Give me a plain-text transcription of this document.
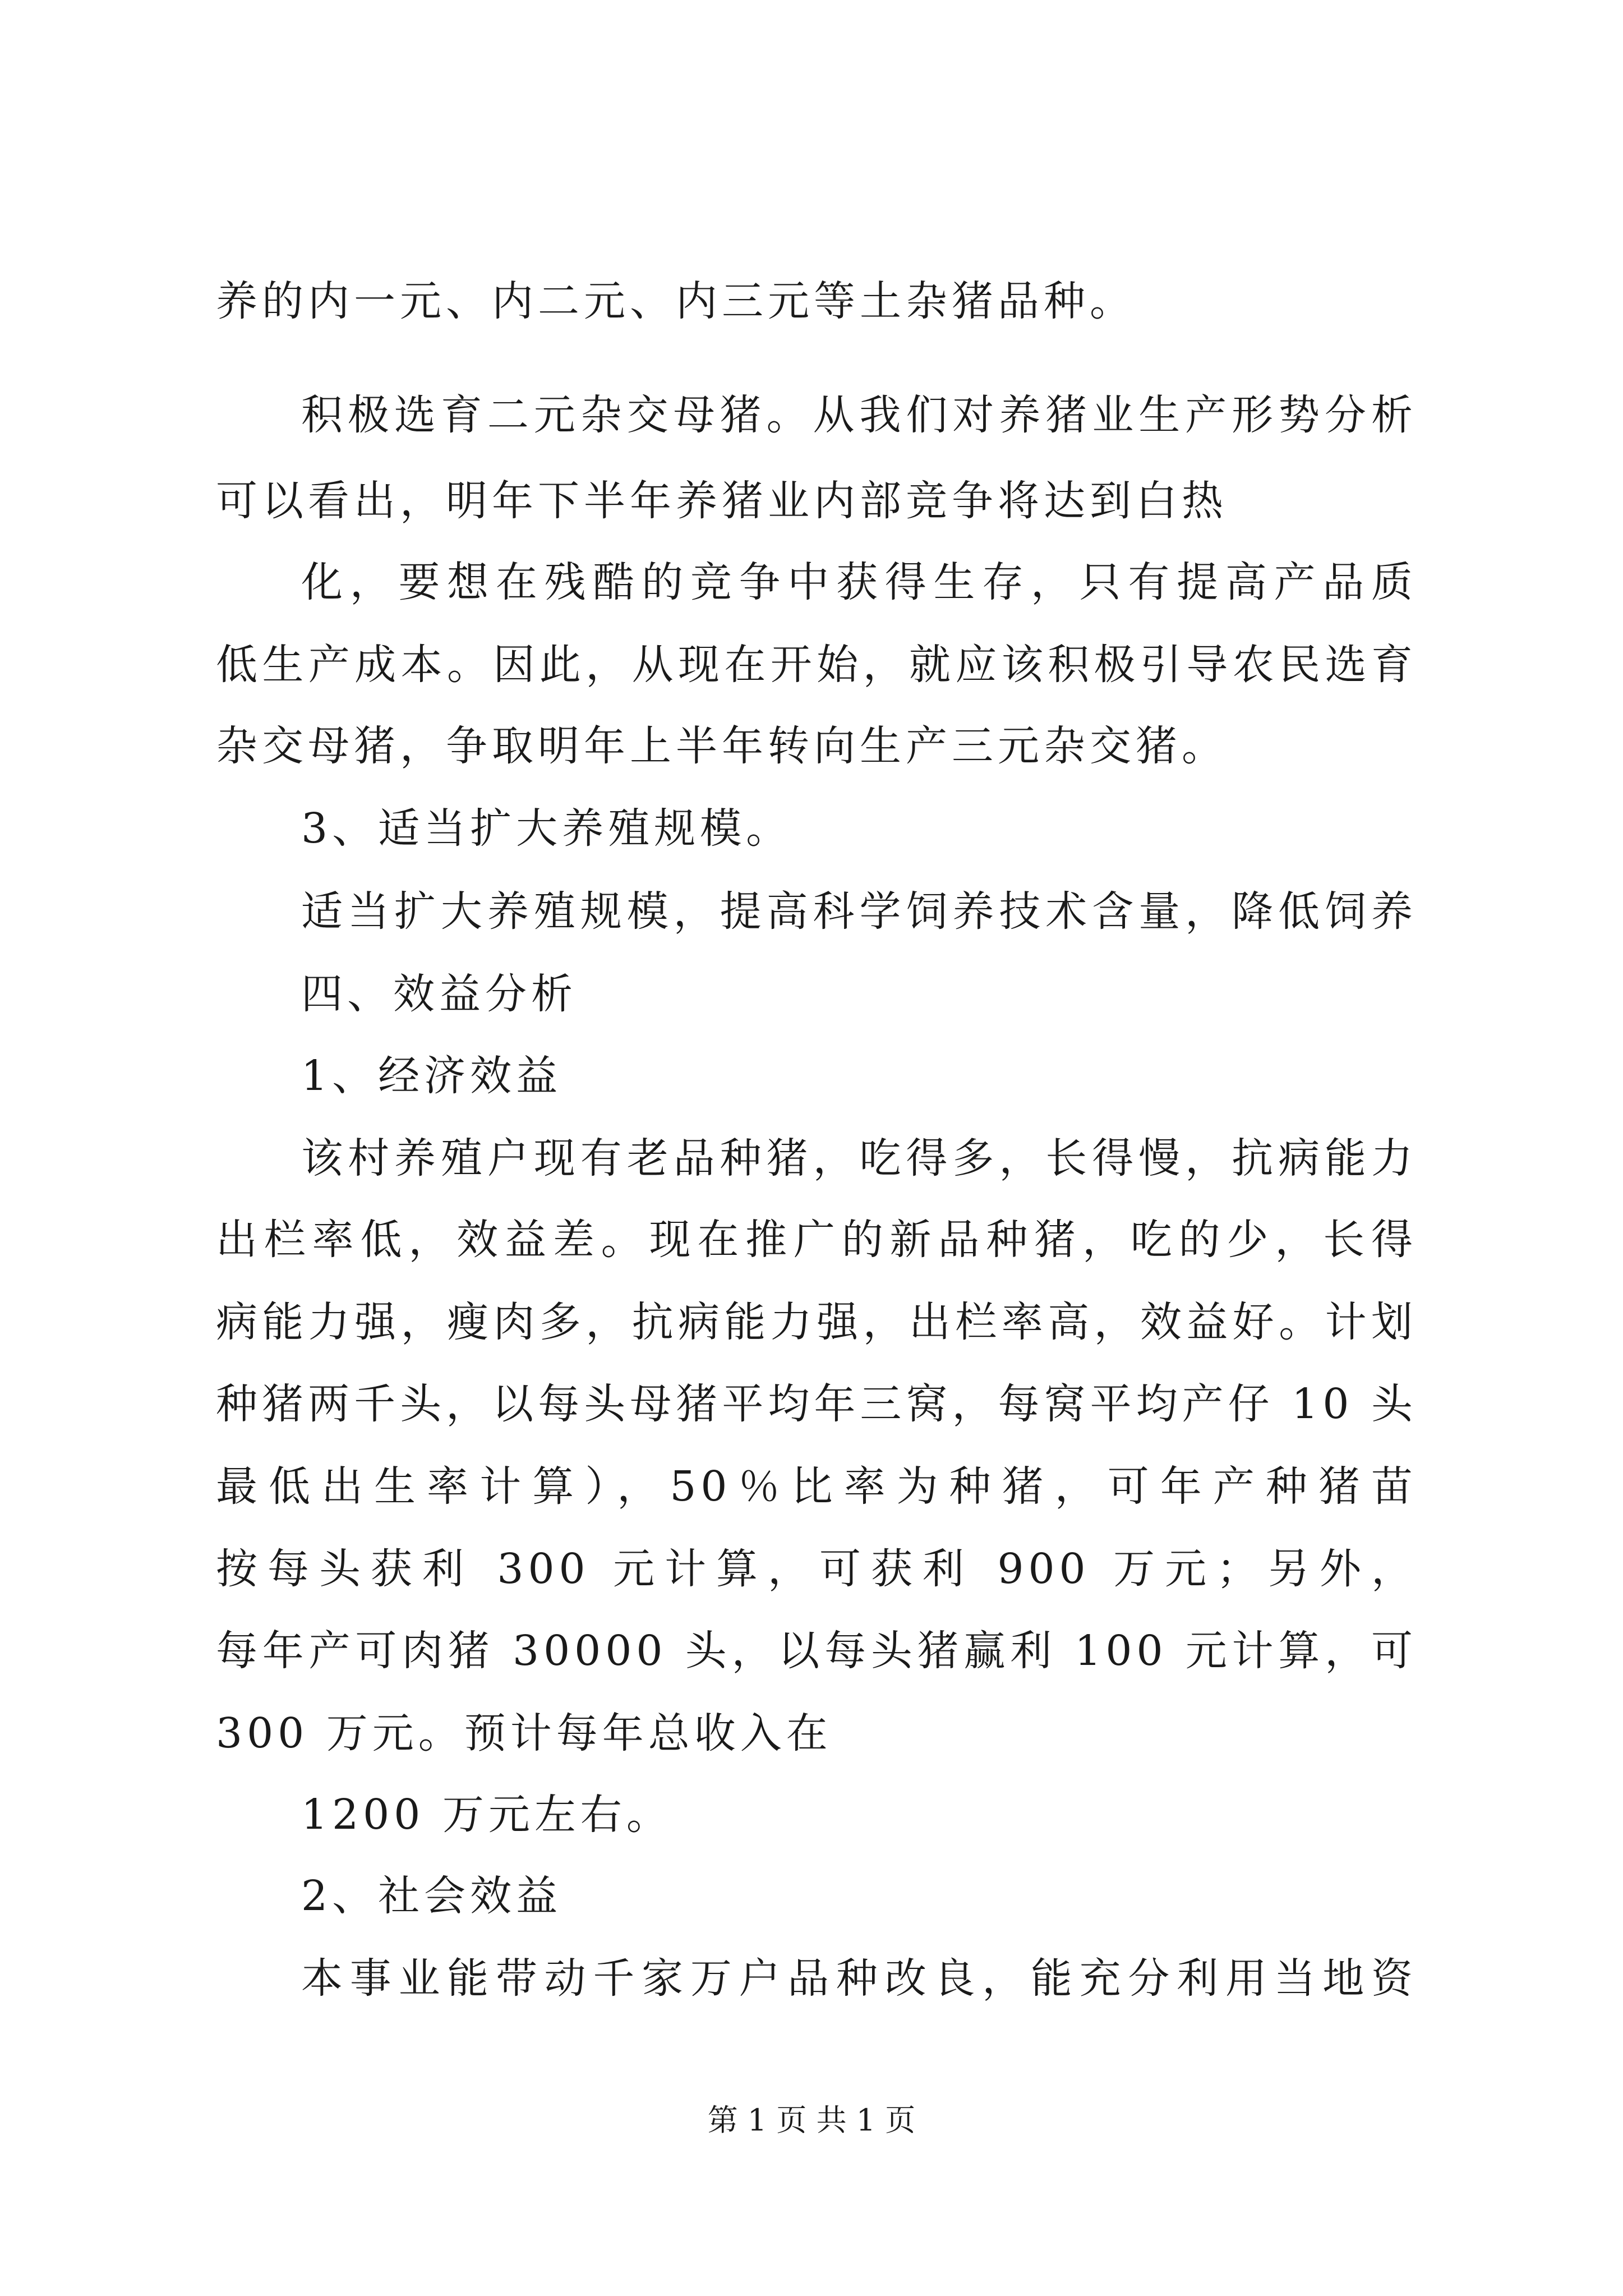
养的内一元、内二元、内三元等土杂猪品种。
积极选育二元杂交母猪。从我们对养猪业生产形势分析
可以看出，明年下半年养猪业内部竞争将达到白热
化，要想在残酷的竞争中获得生存，只有提高产品质
低生产成本。因此，从现在开始，就应该积极引导农民选育
杂交母猪，争取明年上半年转向生产三元杂交猪。
3、适当扩大养殖规模。
适当扩大养殖规模，提高科学饲养技术含量，降低饲养
四、效益分析
1、经济效益
该村养殖户现有老品种猪，吃得多，长得慢，抗病能力
出栏率低，效益差。现在推广的新品种猪，吃的少，长得
病能力强，瘦肉多，抗病能力强，出栏率高，效益好。计划
种猪两千头，以每头母猪平均年三窝，每窝平均产仔 10 头
最低出生率计算），50％比率为种猪，可年产种猪苗
按每头获利 300 元计算，可获利 900 万元；另外，
每年产可肉猪 30000 头，以每头猪赢利 100 元计算，可
300 万元。预计每年总收入在
1200 万元左右。
2、社会效益
本事业能带动千家万户品种改良，能充分利用当地资
第 1 页 共 1 页
